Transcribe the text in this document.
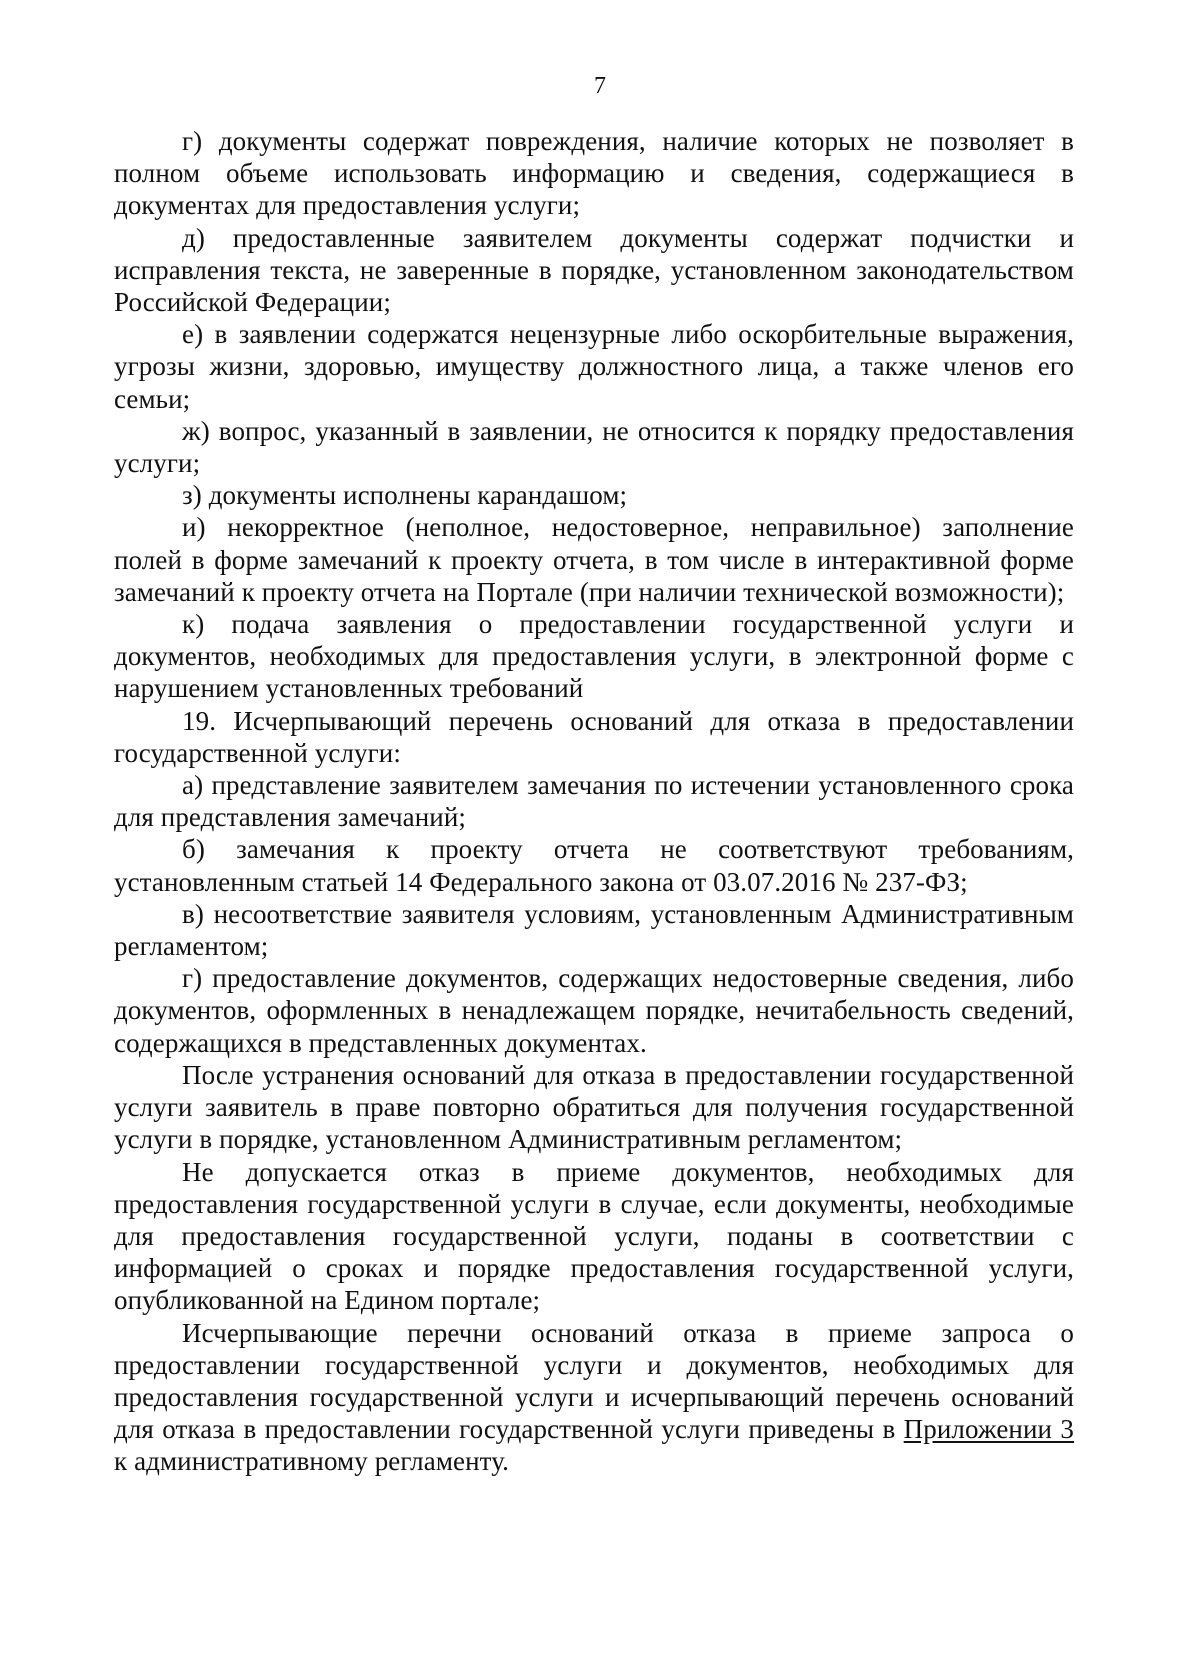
7

г) документы содержат повреждения, наличие которых не позволяет в полном объеме использовать информацию и сведения, содержащиеся в документах для предоставления услуги;

д) предоставленные заявителем документы содержат подчистки и исправления текста, не заверенные в порядке, установленном законодательством Российской Федерации;

е) в заявлении содержатся нецензурные либо оскорбительные выражения, угрозы жизни, здоровью, имуществу должностного лица, а также членов его семьи;

ж) вопрос, указанный в заявлении, не относится к порядку предоставления услуги;

з) документы исполнены карандашом;

и) некорректное (неполное, недостоверное, неправильное) заполнение полей в форме замечаний к проекту отчета, в том числе в интерактивной форме замечаний к проекту отчета на Портале (при наличии технической возможности);

к) подача заявления о предоставлении государственной услуги и документов, необходимых для предоставления услуги, в электронной форме с нарушением установленных требований

19. Исчерпывающий перечень оснований для отказа в предоставлении государственной услуги:

а) представление заявителем замечания по истечении установленного срока для представления замечаний;

б) замечания к проекту отчета не соответствуют требованиям, установленным статьей 14 Федерального закона от 03.07.2016 № 237-ФЗ;

в) несоответствие заявителя условиям, установленным Административным регламентом;

г) предоставление документов, содержащих недостоверные сведения, либо документов, оформленных в ненадлежащем порядке, нечитабельность сведений, содержащихся в представленных документах.

После устранения оснований для отказа в предоставлении государственной услуги заявитель в праве повторно обратиться для получения государственной услуги в порядке, установленном Административным регламентом;

Не допускается отказ в приеме документов, необходимых для предоставления государственной услуги в случае, если документы, необходимые для предоставления государственной услуги, поданы в соответствии с информацией о сроках и порядке предоставления государственной услуги, опубликованной на Едином портале;

Исчерпывающие перечни оснований отказа в приеме запроса о предоставлении государственной услуги и документов, необходимых для предоставления государственной услуги и исчерпывающий перечень оснований для отказа в предоставлении государственной услуги приведены в Приложении 3 к административному регламенту.
